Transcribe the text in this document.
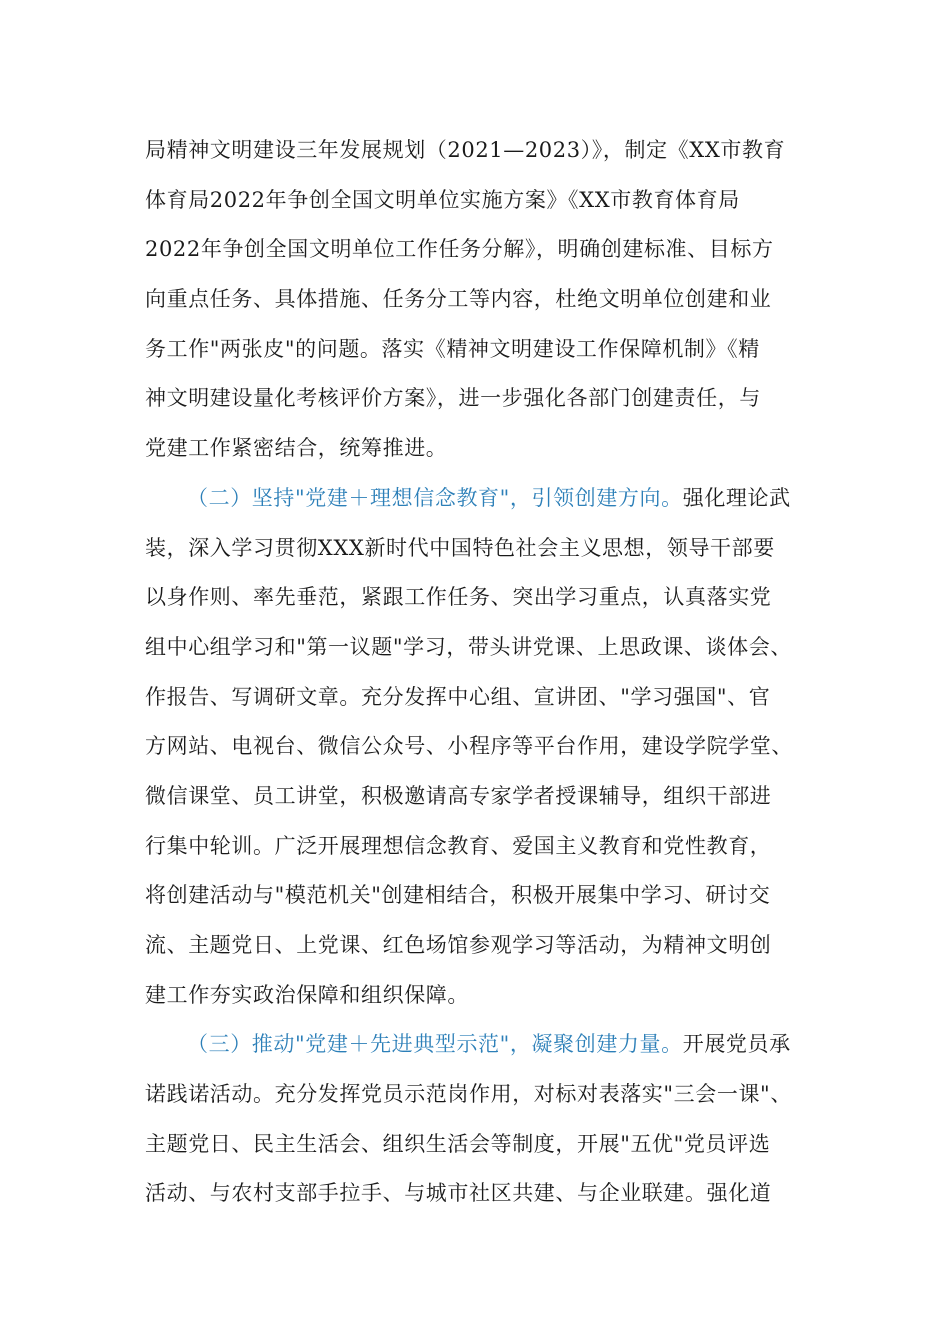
局精神文明建设三年发展规划（2021—2023）》，制定《XX市教育
体育局2022年争创全国文明单位实施方案》《XX市教育体育局
2022年争创全国文明单位工作任务分解》，明确创建标准、目标方
向重点任务、具体措施、任务分工等内容，杜绝文明单位创建和业
务工作"两张皮"的问题。落实《精神文明建设工作保障机制》《精
神文明建设量化考核评价方案》，进一步强化各部门创建责任，与
党建工作紧密结合，统筹推进。
（二）坚持"党建＋理想信念教育"，引领创建方向。强化理论武
装，深入学习贯彻XXX新时代中国特色社会主义思想，领导干部要
以身作则、率先垂范，紧跟工作任务、突出学习重点，认真落实党
组中心组学习和"第一议题"学习，带头讲党课、上思政课、谈体会、
作报告、写调研文章。充分发挥中心组、宣讲团、"学习强国"、官
方网站、电视台、微信公众号、小程序等平台作用，建设学院学堂、
微信课堂、员工讲堂，积极邀请高专家学者授课辅导，组织干部进
行集中轮训。广泛开展理想信念教育、爱国主义教育和党性教育，
将创建活动与"模范机关"创建相结合，积极开展集中学习、研讨交
流、主题党日、上党课、红色场馆参观学习等活动，为精神文明创
建工作夯实政治保障和组织保障。
（三）推动"党建＋先进典型示范"，凝聚创建力量。开展党员承
诺践诺活动。充分发挥党员示范岗作用，对标对表落实"三会一课"、
主题党日、民主生活会、组织生活会等制度，开展"五优"党员评选
活动、与农村支部手拉手、与城市社区共建、与企业联建。强化道
